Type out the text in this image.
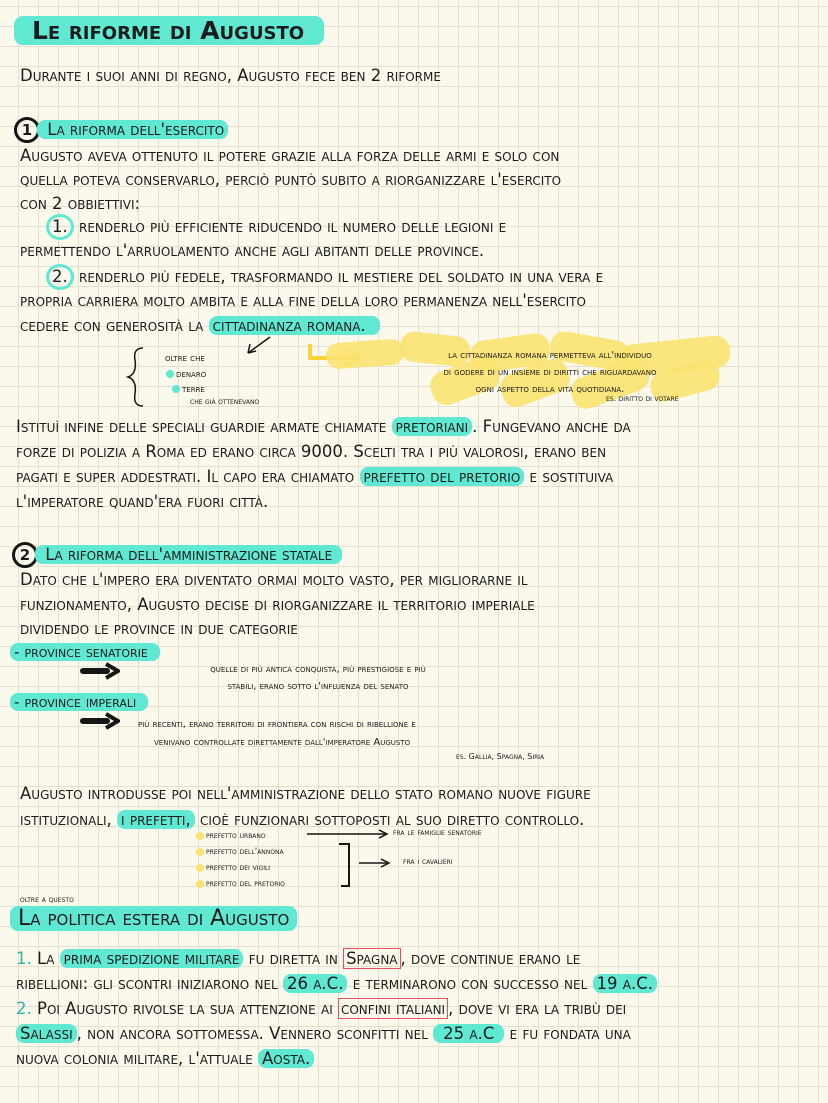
Le riforme di Augusto
Durante i suoi anni di regno, Augusto fece ben 2 riforme
1 La riforma dell'esercito
Augusto aveva ottenuto il potere grazie alla forza delle armi e solo con
quella poteva conservarlo, perciò puntò subito a riorganizzare l'esercito
con 2 obbiettivi:
1. renderlo più efficiente riducendo il numero delle legioni e
permettendo l'arruolamento anche agli abitanti delle province.
2. renderlo più fedele, trasformando il mestiere del soldato in una vera e
propria carriera molto ambita e alla fine della loro permanenza nell'esercito
cedere con generosità la cittadinanza romana.
oltre che
denaro
terre
che già ottenevano
la cittadinanza romana permetteva all'individuo
di godere di un insieme di diritti che riguardavano
ogni aspetto della vita quotidiana.
es. diritto di votare
Istituì infine delle speciali guardie armate chiamate pretoriani . Fungevano anche da
forze di polizia a Roma ed erano circa 9000. Scelti tra i più valorosi, erano ben
pagati e super addestrati. Il capo era chiamato prefetto del pretorio e sostituiva
l'imperatore quand'era fuori città.
2 La riforma dell'amministrazione statale
Dato che l'impero era diventato ormai molto vasto, per migliorarne il
funzionamento, Augusto decise di riorganizzare il territorio imperiale
dividendo le province in due categorie
- province senatorie
quelle di più antica conquista, più prestigiose e più
stabili, erano sotto l'influenza del senato
- province imperali
più recenti, erano territori di frontiera con rischi di ribellione e
venivano controllate direttamente dall'imperatore Augusto
es. Gallia, Spagna, Siria
Augusto introdusse poi nell'amministrazione dello stato romano nuove figure
istituzionali, i prefetti, cioè funzionari sottoposti al suo diretto controllo.
prefetto urbano
prefetto dell'annona
prefetto dei vigili
prefetto del pretorio
fra le famiglie senatorie
fra i cavalieri
oltre a questo
La politica estera di Augusto
1. La prima spedizione militare fu diretta in Spagna , dove continue erano le
ribellioni: gli scontri iniziarono nel 26 a.C. e terminarono con successo nel 19 a.C.
2. Poi Augusto rivolse la sua attenzione ai confini italiani , dove vi era la tribù dei
Salassi , non ancora sottomessa. Vennero sconfitti nel 25 a.C e fu fondata una
nuova colonia militare, l'attuale Aosta.
